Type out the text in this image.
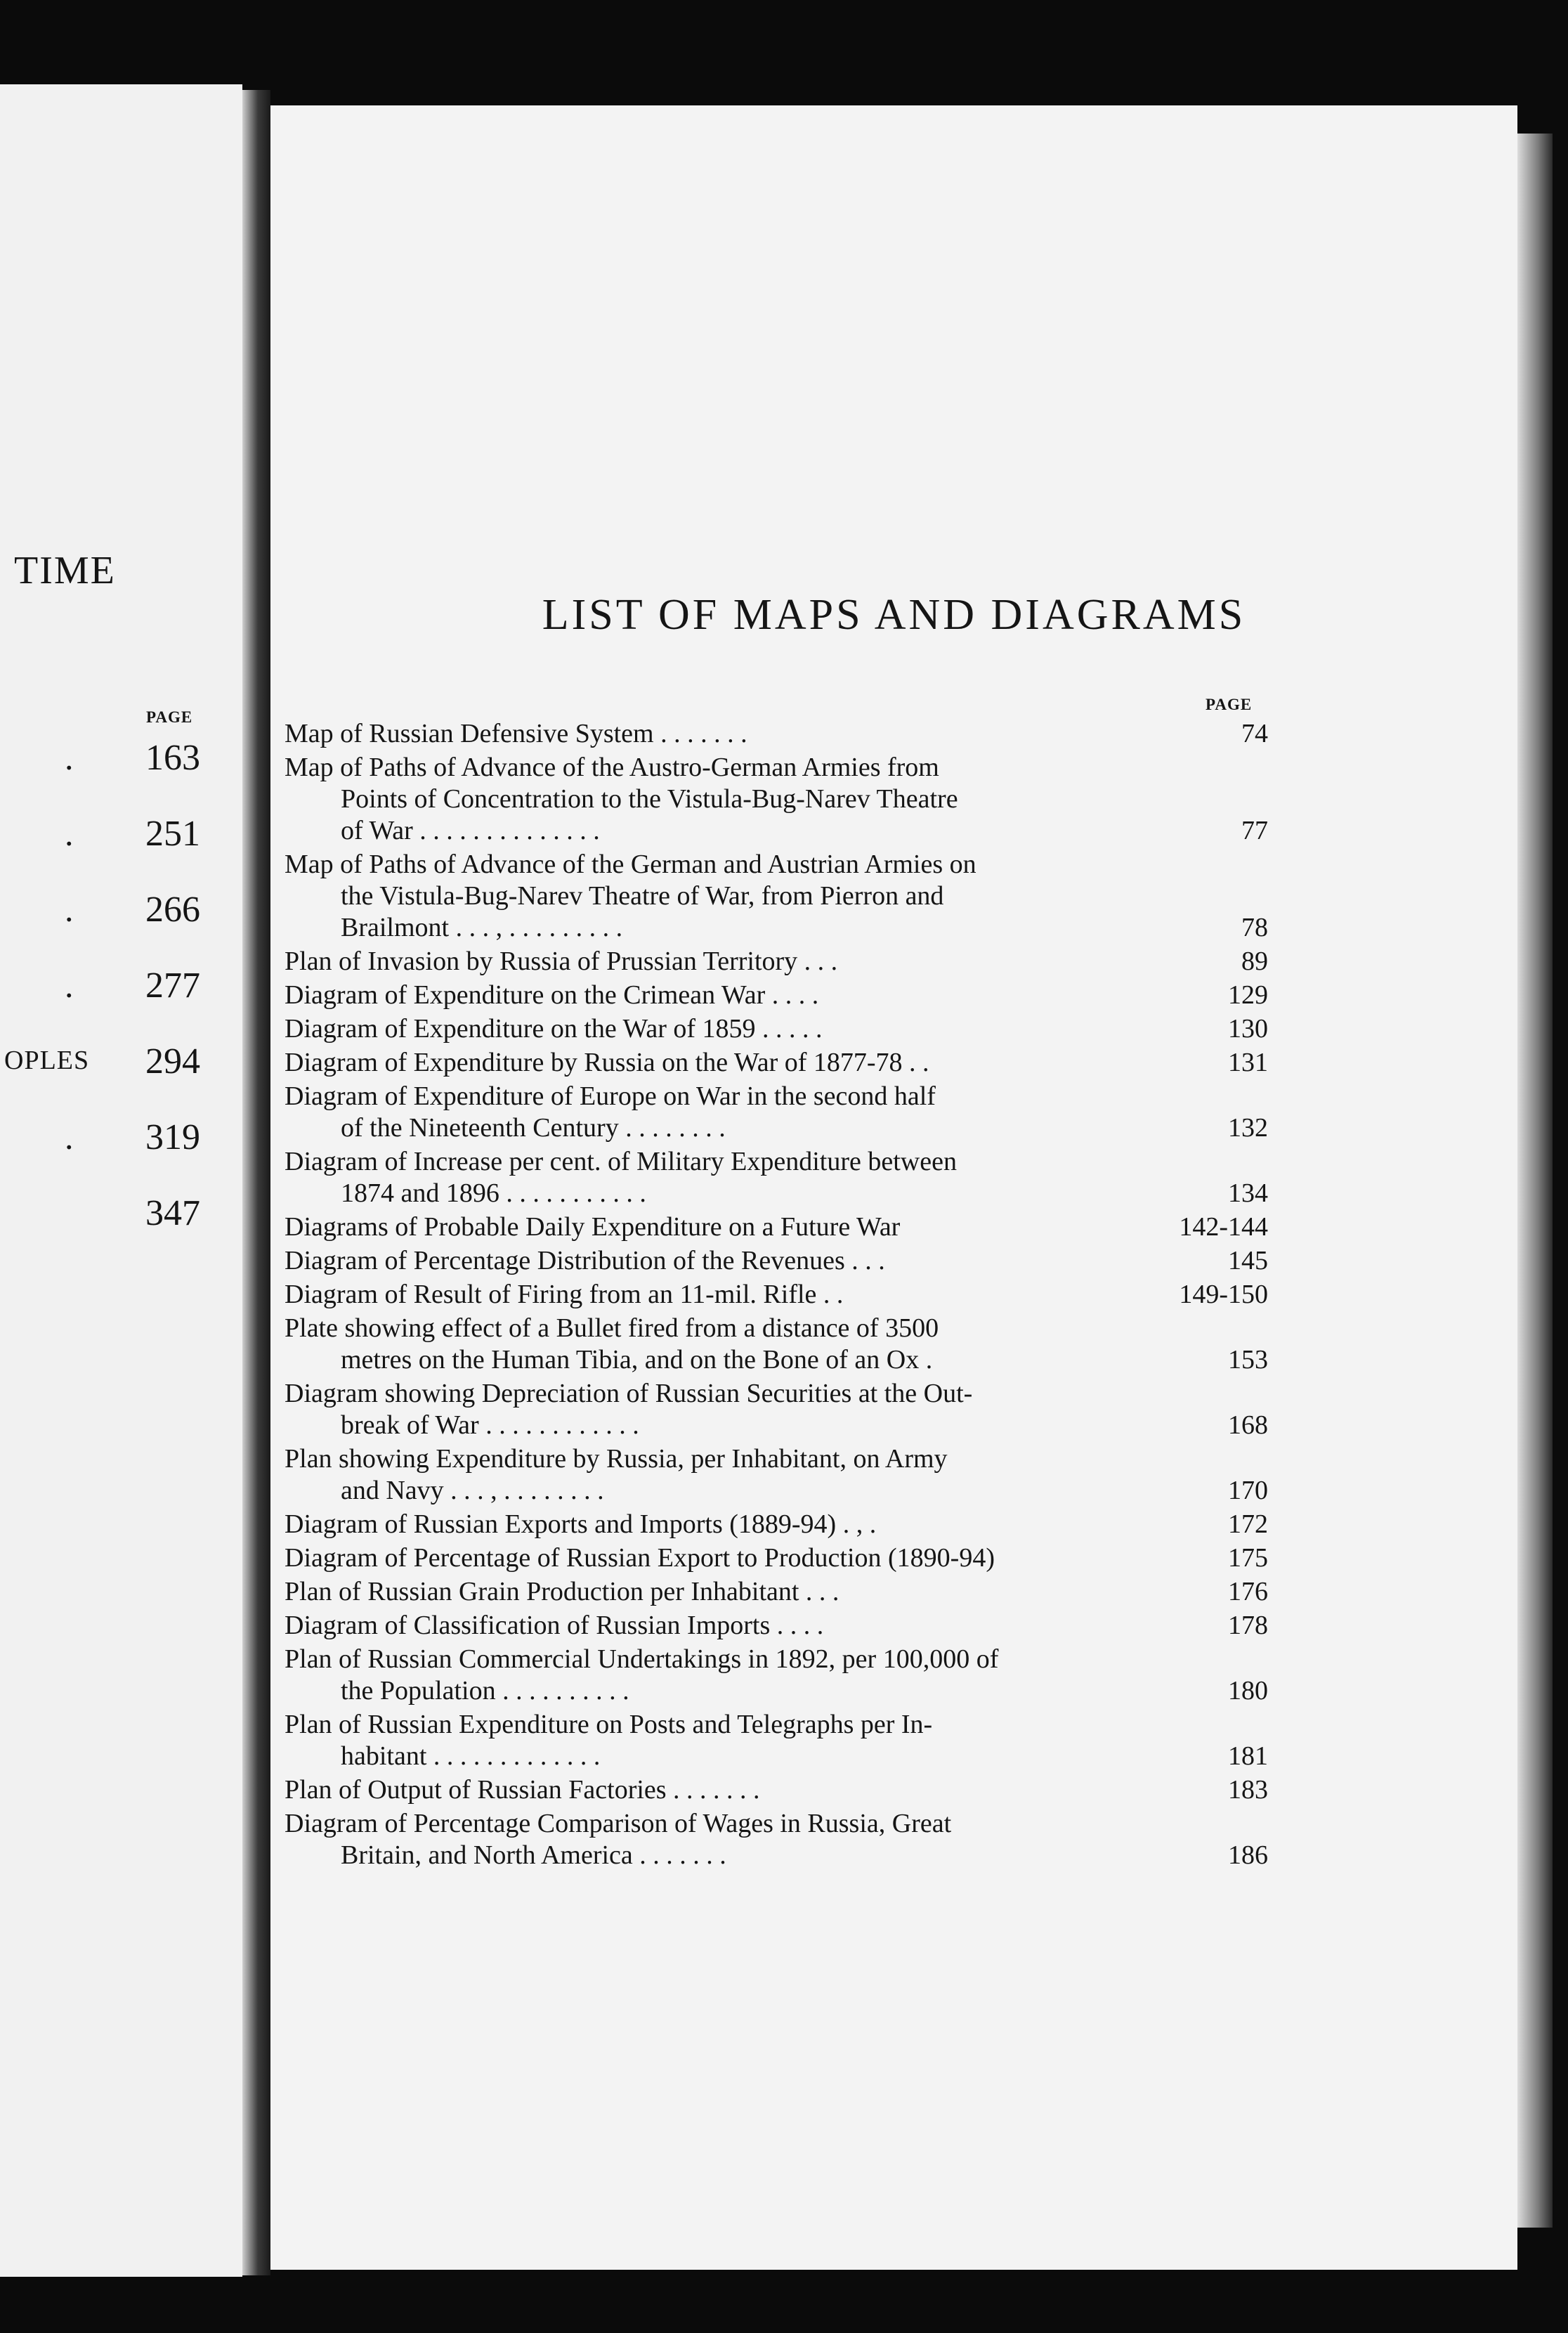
TIME
PAGE
. 163
. 251
. 266
. 277
OPLES 294
. 319
347
LIST OF MAPS AND DIAGRAMS
PAGE
Map of Russian Defensive System . . . . . . .	74
Map of Paths of Advance of the Austro-German Armies from
Points of Concentration to the Vistula-Bug-Narev Theatre
of War . . . . . . . . . . . . . .	77
Map of Paths of Advance of the German and Austrian Armies on
the Vistula-Bug-Narev Theatre of War, from Pierron and
Brailmont . . . , . . . . . . . . .	78
Plan of Invasion by Russia of Prussian Territory . . .	89
Diagram of Expenditure on the Crimean War . . . .	129
Diagram of Expenditure on the War of 1859 . . . . .	130
Diagram of Expenditure by Russia on the War of 1877-78 . .	131
Diagram of Expenditure of Europe on War in the second half
of the Nineteenth Century . . . . . . . .	132
Diagram of Increase per cent. of Military Expenditure between
1874 and 1896 . . . . . . . . . . .	134
Diagrams of Probable Daily Expenditure on a Future War	142-144
Diagram of Percentage Distribution of the Revenues . . .	145
Diagram of Result of Firing from an 11-mil. Rifle . .	149-150
Plate showing effect of a Bullet fired from a distance of 3500
metres on the Human Tibia, and on the Bone of an Ox .	153
Diagram showing Depreciation of Russian Securities at the Out-
break of War . . . . . . . . . . . .	168
Plan showing Expenditure by Russia, per Inhabitant, on Army
and Navy . . . , . . . . . . . .	170
Diagram of Russian Exports and Imports (1889-94) . , .	172
Diagram of Percentage of Russian Export to Production (1890-94)	175
Plan of Russian Grain Production per Inhabitant . . .	176
Diagram of Classification of Russian Imports . . . .	178
Plan of Russian Commercial Undertakings in 1892, per 100,000 of
the Population . . . . . . . . . .	180
Plan of Russian Expenditure on Posts and Telegraphs per In-
habitant . . . . . . . . . . . . .	181
Plan of Output of Russian Factories . . . . . . .	183
Diagram of Percentage Comparison of Wages in Russia, Great
Britain, and North America . . . . . . .	186
